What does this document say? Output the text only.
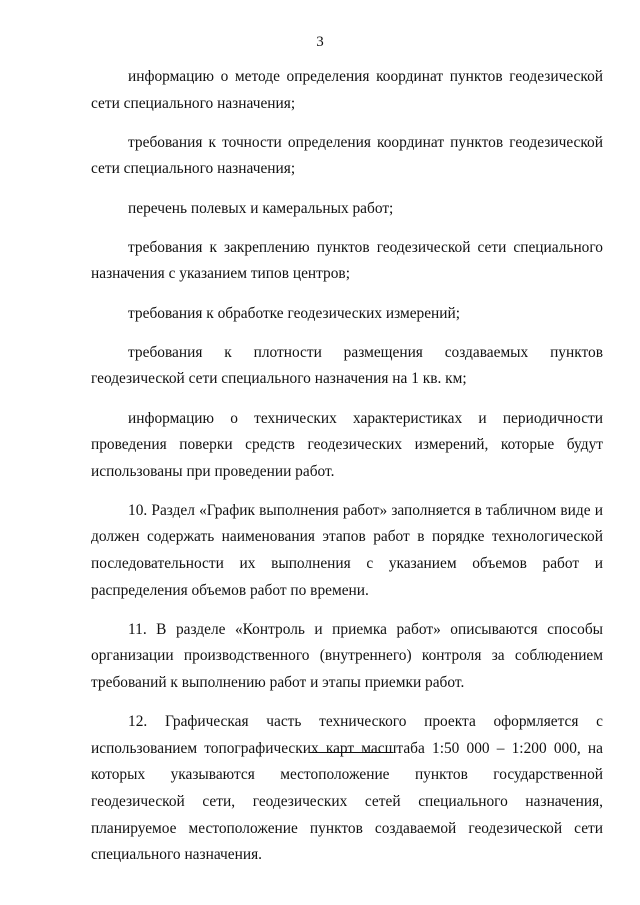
3

информацию о методе определения координат пунктов геодезической сети специального назначения;

требования к точности определения координат пунктов геодезической сети специального назначения;

перечень полевых и камеральных работ;

требования к закреплению пунктов геодезической сети специального назначения с указанием типов центров;

требования к обработке геодезических измерений;

требования к плотности размещения создаваемых пунктов геодезической сети специального назначения на 1 кв. км;

информацию о технических характеристиках и периодичности проведения поверки средств геодезических измерений, которые будут использованы при проведении работ.

10. Раздел «График выполнения работ» заполняется в табличном виде и должен содержать наименования этапов работ в порядке технологической последовательности их выполнения с указанием объемов работ и распределения объемов работ по времени.

11. В разделе «Контроль и приемка работ» описываются способы организации производственного (внутреннего) контроля за соблюдением требований к выполнению работ и этапы приемки работ.

12. Графическая часть технического проекта оформляется с использованием топографических карт масштаба 1:50 000 – 1:200 000, на которых указываются местоположение пунктов государственной геодезической сети, геодезических сетей специального назначения, планируемое местоположение пунктов создаваемой геодезической сети специального назначения.
